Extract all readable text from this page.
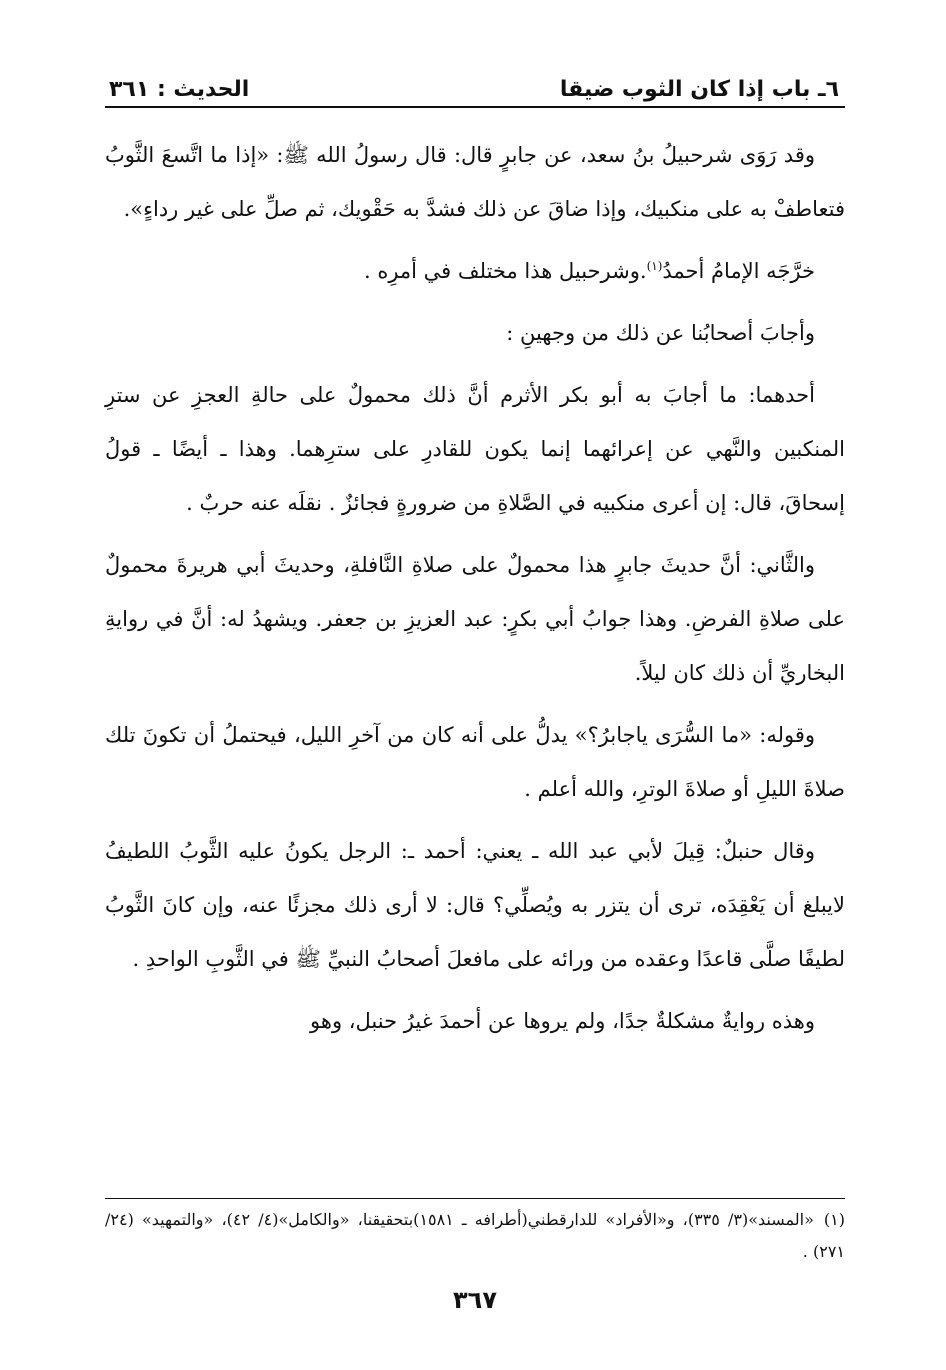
٦ـ باب إذا كان الثوب ضيقا
الحديث : ٣٦١

وقد رَوَى شرحبيلُ بنُ سعد، عن جابرٍ قال: قال رسولُ الله ﷺ: «إذا ما اتَّسعَ الثَّوبُ فتعاطفْ به على منكبيك، وإذا ضاقَ عن ذلك فشدَّ به حَقْويك، ثم صلِّ على غير رداءٍ».

خرَّجَه الإمامُ أحمدُ$^{(١)}$.وشرحبيل هذا مختلف في أمرِه .

وأجابَ أصحابُنا عن ذلك من وجهينِ :

أحدهما: ما أجابَ به أبو بكر الأثرم أنَّ ذلك محمولٌ على حالةِ العجزِ عن سترِ المنكبين والنَّهي عن إعرائهما إنما يكون للقادرِ على سترِهما. وهذا ـ أيضًا ـ قولُ إسحاقَ، قال: إن أعرى منكبيه في الصَّلاةِ من ضرورةٍ فجائزٌ . نقلَه عنه حربٌ .

والثَّاني: أنَّ حديثَ جابرٍ هذا محمولٌ على صلاةِ النَّافلةِ، وحديثَ أبي هريرةَ محمولٌ على صلاةِ الفرضِ. وهذا جوابُ أبي بكرٍ: عبد العزيزِ بن جعفر. ويشهدُ له: أنَّ في روايةِ البخاريِّ أن ذلك كان ليلاً.

وقوله: «ما السُّرَى ياجابرُ؟» يدلُّ على أنه كان من آخرِ الليل، فيحتملُ أن تكونَ تلك صلاةَ الليلِ أو صلاةَ الوترِ، والله أعلم .

وقال حنبلٌ: قِيلَ لأبي عبد الله ـ يعني: أحمد ـ: الرجل يكونُ عليه الثَّوبُ اللطيفُ لايبلغ أن يَعْقِدَه، ترى أن يتزر به ويُصلِّي؟ قال: لا أرى ذلك مجزئًا عنه، وإن كانَ الثَّوبُ لطيفًا صلَّى قاعدًا وعقده من ورائه على مافعلَ أصحابُ النبيِّ ﷺ في الثَّوبِ الواحدِ .

وهذه روايةٌ مشكلةٌ جدًا، ولم يروها عن أحمدَ غيرُ حنبل، وهو

(١)«المسند»(٣/ ٣٣٥)، و«الأفراد» للدارقطني(أطرافه ـ ١٥٨١)بتحقيقنا، «والكامل»(٤/ ٤٢)، «والتمهيد» (٢٤/ ٢٧١) .

٣٦٧
